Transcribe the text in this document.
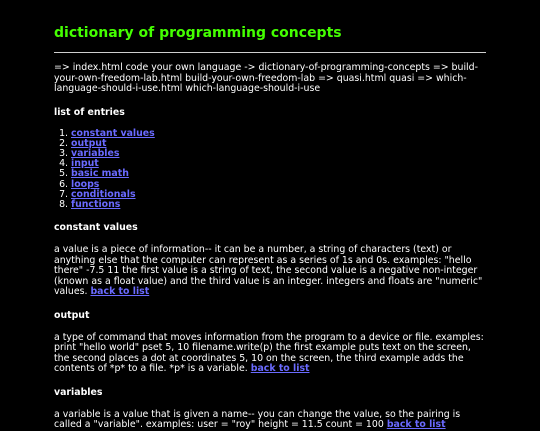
dictionary of programming concepts

=> index.html code your own language -> dictionary-of-programming-concepts => build-your-own-freedom-lab.html build-your-own-freedom-lab => quasi.html quasi => which-language-should-i-use.html which-language-should-i-use

list of entries
1. constant values
2. output
3. variables
4. input
5. basic math
6. loops
7. conditionals
8. functions
constant values

a value is a piece of information-- it can be a number, a string of characters (text) or anything else that the computer can represent as a series of 1s and 0s. examples: "hello there" -7.5 11 the first value is a string of text, the second value is a negative non-integer (known as a float value) and the third value is an integer. integers and floats are "numeric" values. back to list

output

a type of command that moves information from the program to a device or file. examples: print "hello world" pset 5, 10 filename.write(p) the first example puts text on the screen, the second places a dot at coordinates 5, 10 on the screen, the third example adds the contents of *p* to a file. *p* is a variable. back to list

variables

a variable is a value that is given a name-- you can change the value, so the pairing is called a "variable". examples: user = "roy" height = 11.5 count = 100 back to list
